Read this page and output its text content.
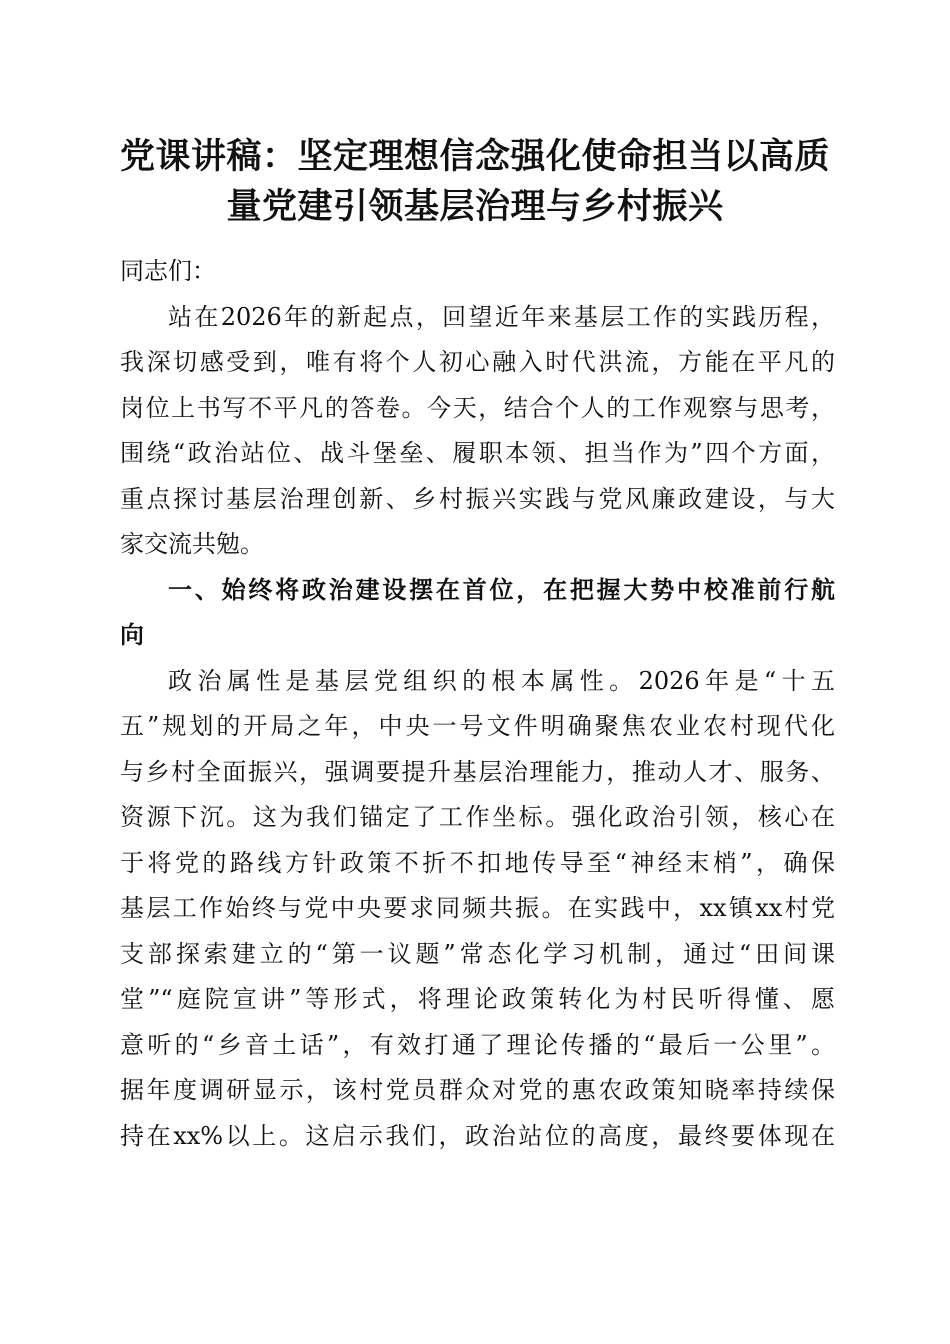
党课讲稿：坚定理想信念强化使命担当以高质
量党建引领基层治理与乡村振兴
同志们：
站在2026年的新起点，回望近年来基层工作的实践历程，
我深切感受到，唯有将个人初心融入时代洪流，方能在平凡的
岗位上书写不平凡的答卷。今天，结合个人的工作观察与思考，
围绕“政治站位、战斗堡垒、履职本领、担当作为”四个方面，
重点探讨基层治理创新、乡村振兴实践与党风廉政建设，与大
家交流共勉。
一、始终将政治建设摆在首位，在把握大势中校准前行航
向
政治属性是基层党组织的根本属性。2026年是“十五
五”规划的开局之年，中央一号文件明确聚焦农业农村现代化
与乡村全面振兴，强调要提升基层治理能力，推动人才、服务、
资源下沉。这为我们锚定了工作坐标。强化政治引领，核心在
于将党的路线方针政策不折不扣地传导至“神经末梢”，确保
基层工作始终与党中央要求同频共振。在实践中，xx镇xx村党
支部探索建立的“第一议题”常态化学习机制，通过“田间课
堂”“庭院宣讲”等形式，将理论政策转化为村民听得懂、愿
意听的“乡音土话”，有效打通了理论传播的“最后一公里”。
据年度调研显示，该村党员群众对党的惠农政策知晓率持续保
持在xx%以上。这启示我们，政治站位的高度，最终要体现在
